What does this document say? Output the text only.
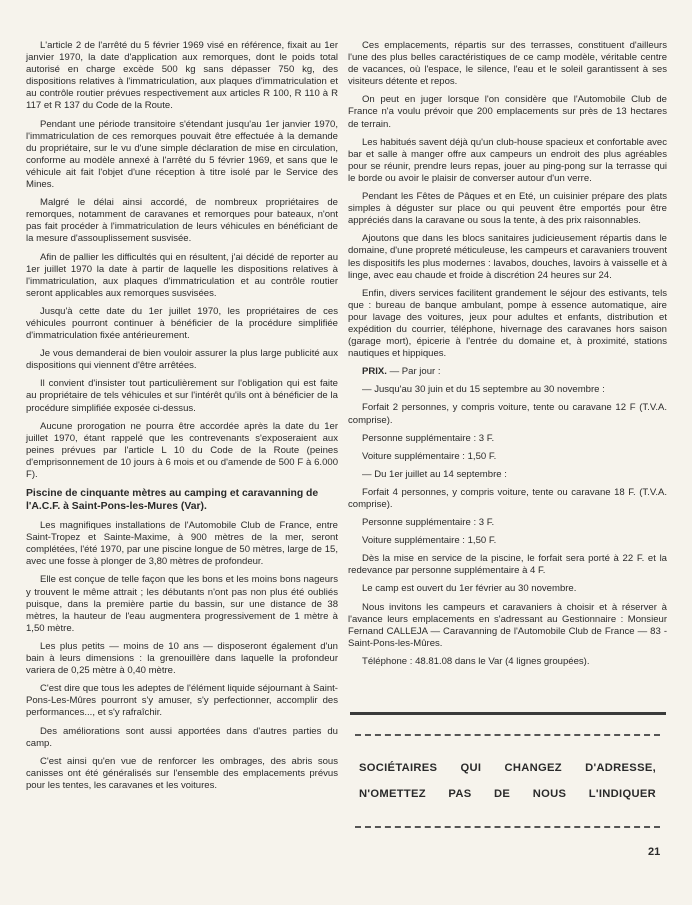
L'article 2 de l'arrêté du 5 février 1969 visé en référence, fixait au 1er janvier 1970, la date d'application aux remorques, dont le poids total autorisé en charge excède 500 kg sans dépasser 750 kg, des dispositions relatives à l'immatriculation, aux plaques d'immatriculation et au contrôle routier prévues respectivement aux articles R 100, R 110 à R 117 et R 137 du Code de la Route.

Pendant une période transitoire s'étendant jusqu'au 1er janvier 1970, l'immatriculation de ces remorques pouvait être effectuée à la demande du propriétaire, sur le vu d'une simple déclaration de mise en circulation, conforme au modèle annexé à l'arrêté du 5 février 1969, et sans que le véhicule ait fait l'objet d'une réception à titre isolé par le Service des Mines.

Malgré le délai ainsi accordé, de nombreux propriétaires de remorques, notamment de caravanes et remorques pour bateaux, n'ont pas fait procéder à l'immatriculation de leurs véhicules en bénéficiant de la mesure d'assouplissement susvisée.

Afin de pallier les difficultés qui en résultent, j'ai décidé de reporter au 1er juillet 1970 la date à partir de laquelle les dispositions relatives à l'immatriculation, aux plaques d'immatriculation et au contrôle routier seront applicables aux remorques susvisées.

Jusqu'à cette date du 1er juillet 1970, les propriétaires de ces véhicules pourront continuer à bénéficier de la procédure simplifiée d'immatriculation fixée antérieurement.

Je vous demanderai de bien vouloir assurer la plus large publicité aux dispositions qui viennent d'être arrêtées.

Il convient d'insister tout particulièrement sur l'obligation qui est faite au propriétaire de tels véhicules et sur l'intérêt qu'ils ont à bénéficier de la procédure simplifiée exposée ci-dessus.

Aucune prorogation ne pourra être accordée après la date du 1er juillet 1970, étant rappelé que les contrevenants s'exposeraient aux peines prévues par l'article L 10 du Code de la Route (peines d'emprisonnement de 10 jours à 6 mois et ou d'amende de 500 F à 6.000 F).

Piscine de cinquante mètres au camping et caravanning de l'A.C.F. à Saint-Pons-les-Mures (Var).

Les magnifiques installations de l'Automobile Club de France, entre Saint-Tropez et Sainte-Maxime, à 900 mètres de la mer, seront complétées, l'été 1970, par une piscine longue de 50 mètres, large de 15, avec une fosse à plonger de 3,80 mètres de profondeur.

Elle est conçue de telle façon que les bons et les moins bons nageurs y trouvent le même attrait ; les débutants n'ont pas non plus été oubliés puisque, dans la première partie du bassin, sur une distance de 38 mètres, la hauteur de l'eau augmentera progressivement de 1 mètre à 1,50 mètre.

Les plus petits — moins de 10 ans — disposeront également d'un bain à leurs dimensions : la grenouillère dans laquelle la profondeur variera de 0,25 mètre à 0,40 mètre.

C'est dire que tous les adeptes de l'élément liquide séjournant à Saint-Pons-Les-Mûres pourront s'y amuser, s'y perfectionner, accomplir des performances..., et s'y rafraîchir.

Des améliorations sont aussi apportées dans d'autres parties du camp.

C'est ainsi qu'en vue de renforcer les ombrages, des abris sous canisses ont été généralisés sur l'ensemble des emplacements prévus pour les tentes, les caravanes et les voitures.

Ces emplacements, répartis sur des terrasses, constituent d'ailleurs l'une des plus belles caractéristiques de ce camp modèle, véritable centre de vacances, où l'espace, le silence, l'eau et le soleil garantissent à ses visiteurs détente et repos.

On peut en juger lorsque l'on considère que l'Automobile Club de France n'a voulu prévoir que 200 emplacements sur près de 13 hectares de terrain.

Les habitués savent déjà qu'un club-house spacieux et confortable avec bar et salle à manger offre aux campeurs un endroit des plus agréables pour se réunir, prendre leurs repas, jouer au ping-pong sur la terrasse qui le borde ou avoir le plaisir de converser autour d'un verre.

Pendant les Fêtes de Pâques et en Eté, un cuisinier prépare des plats simples à déguster sur place ou qui peuvent être emportés pour être appréciés dans la caravane ou sous la tente, à des prix raisonnables.

Ajoutons que dans les blocs sanitaires judicieusement répartis dans le domaine, d'une propreté méticuleuse, les campeurs et caravaniers trouvent les dispositifs les plus modernes : lavabos, douches, lavoirs à vaisselle et à linge, avec eau chaude et froide à discrétion 24 heures sur 24.

Enfin, divers services facilitent grandement le séjour des estivants, tels que : bureau de banque ambulant, pompe à essence automatique, aire pour lavage des voitures, jeux pour adultes et enfants, distribution et expédition du courrier, téléphone, hivernage des caravanes hors saison (garage mort), épicerie à l'entrée du domaine et, à proximité, stations nautiques et hippiques.

PRIX. — Par jour :

— Jusqu'au 30 juin et du 15 septembre au 30 novembre :

Forfait 2 personnes, y compris voiture, tente ou caravane 12 F (T.V.A. comprise).

Personne supplémentaire : 3 F.

Voiture supplémentaire : 1,50 F.

— Du 1er juillet au 14 septembre :

Forfait 4 personnes, y compris voiture, tente ou caravane 18 F. (T.V.A. comprise).

Personne supplémentaire : 3 F.

Voiture supplémentaire : 1,50 F.

Dès la mise en service de la piscine, le forfait sera porté à 22 F. et la redevance par personne supplémentaire à 4 F.

Le camp est ouvert du 1er février au 30 novembre.

Nous invitons les campeurs et caravaniers à choisir et à réserver à l'avance leurs emplacements en s'adressant au Gestionnaire : Monsieur Fernand CALLEJA — Caravanning de l'Automobile Club de France — 83 - Saint-Pons-les-Mûres.

Téléphone : 48.81.08 dans le Var (4 lignes groupées).

SOCIÉTAIRES QUI CHANGEZ D'ADRESSE,
N'OMETTEZ PAS DE NOUS L'INDIQUER
21
